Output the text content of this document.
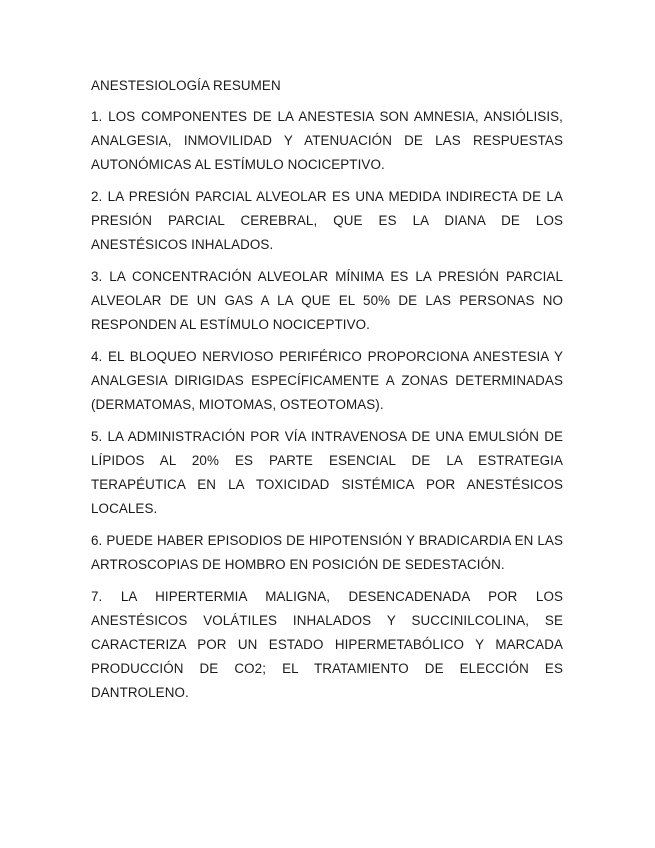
ANESTESIOLOGÍA RESUMEN

1. LOS COMPONENTES DE LA ANESTESIA SON AMNESIA, ANSIÓLISIS, ANALGESIA, INMOVILIDAD Y ATENUACIÓN DE LAS RESPUESTAS AUTONÓMICAS AL ESTÍMULO NOCICEPTIVO.

2. LA PRESIÓN PARCIAL ALVEOLAR ES UNA MEDIDA INDIRECTA DE LA PRESIÓN PARCIAL CEREBRAL, QUE ES LA DIANA DE LOS ANESTÉSICOS INHALADOS.

3. LA CONCENTRACIÓN ALVEOLAR MÍNIMA ES LA PRESIÓN PARCIAL ALVEOLAR DE UN GAS A LA QUE EL 50% DE LAS PERSONAS NO RESPONDEN AL ESTÍMULO NOCICEPTIVO.

4. EL BLOQUEO NERVIOSO PERIFÉRICO PROPORCIONA ANESTESIA Y ANALGESIA DIRIGIDAS ESPECÍFICAMENTE A ZONAS DETERMINADAS (DERMATOMAS, MIOTOMAS, OSTEOTOMAS).

5. LA ADMINISTRACIÓN POR VÍA INTRAVENOSA DE UNA EMULSIÓN DE LÍPIDOS AL 20% ES PARTE ESENCIAL DE LA ESTRATEGIA TERAPÉUTICA EN LA TOXICIDAD SISTÉMICA POR ANESTÉSICOS LOCALES.

6. PUEDE HABER EPISODIOS DE HIPOTENSIÓN Y BRADICARDIA EN LAS ARTROSCOPIAS DE HOMBRO EN POSICIÓN DE SEDESTACIÓN.

7. LA HIPERTERMIA MALIGNA, DESENCADENADA POR LOS ANESTÉSICOS VOLÁTILES INHALADOS Y SUCCINILCOLINA, SE CARACTERIZA POR UN ESTADO HIPERMETABÓLICO Y MARCADA PRODUCCIÓN DE CO2; EL TRATAMIENTO DE ELECCIÓN ES DANTROLENO.
